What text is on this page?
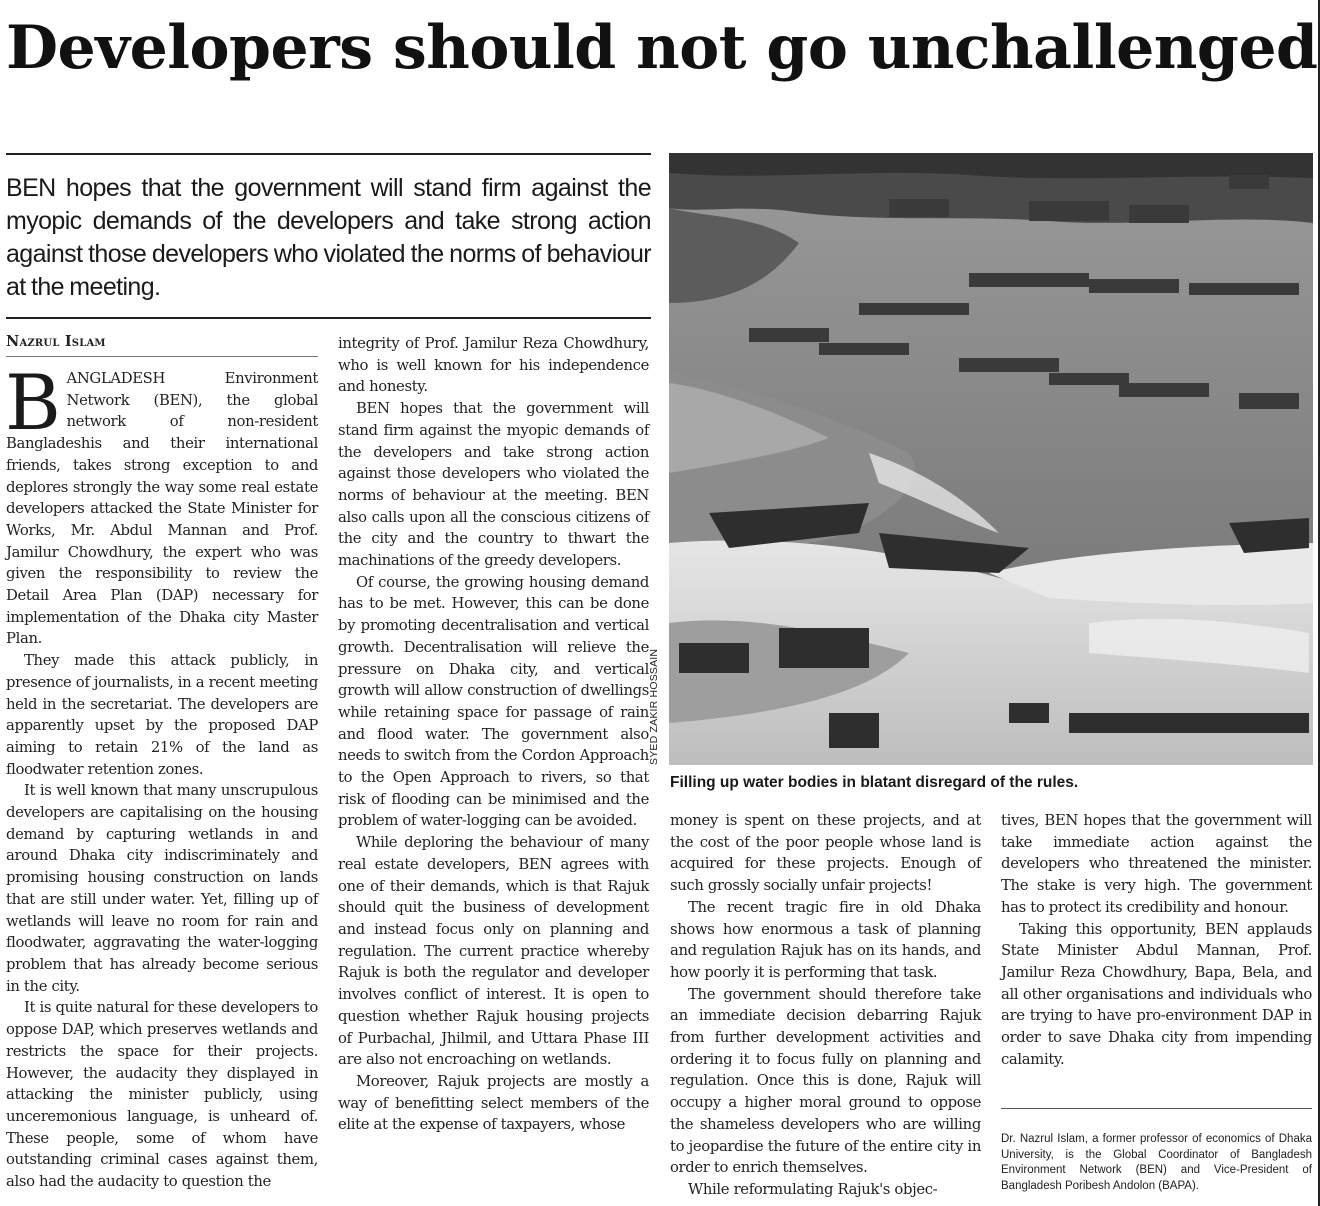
Developers should not go unchallenged

BEN hopes that the government will stand firm against the myopic demands of the developers and take strong action against those developers who violated the norms of behaviour at the meeting.

Nazrul Islam

BANGLADESH Environment Network (BEN), the global network of non-resident Bangladeshis and their international friends, takes strong exception to and deplores strongly the way some real estate developers attacked the State Minister for Works, Mr. Abdul Mannan and Prof. Jamilur Chowdhury, the expert who was given the responsibility to review the Detail Area Plan (DAP) necessary for implementation of the Dhaka city Master Plan.

They made this attack publicly, in presence of journalists, in a recent meeting held in the secretariat. The developers are apparently upset by the proposed DAP aiming to retain 21% of the land as floodwater retention zones.

It is well known that many unscrupulous developers are capitalising on the housing demand by capturing wetlands in and around Dhaka city indiscriminately and promising housing construction on lands that are still under water. Yet, filling up of wetlands will leave no room for rain and floodwater, aggravating the water-logging problem that has already become serious in the city.

It is quite natural for these developers to oppose DAP, which preserves wetlands and restricts the space for their projects. However, the audacity they displayed in attacking the minister publicly, using unceremonious language, is unheard of. These people, some of whom have outstanding criminal cases against them, also had the audacity to question the

integrity of Prof. Jamilur Reza Chowdhury, who is well known for his independence and honesty.

BEN hopes that the government will stand firm against the myopic demands of the developers and take strong action against those developers who violated the norms of behaviour at the meeting. BEN also calls upon all the conscious citizens of the city and the country to thwart the machinations of the greedy developers.

Of course, the growing housing demand has to be met. However, this can be done by promoting decentralisation and vertical growth. Decentralisation will relieve the pressure on Dhaka city, and vertical growth will allow construction of dwellings while retaining space for passage of rain and flood water. The government also needs to switch from the Cordon Approach to the Open Approach to rivers, so that risk of flooding can be minimised and the problem of water-logging can be avoided.

While deploring the behaviour of many real estate developers, BEN agrees with one of their demands, which is that Rajuk should quit the business of development and instead focus only on planning and regulation. The current practice whereby Rajuk is both the regulator and developer involves conflict of interest. It is open to question whether Rajuk housing projects of Purbachal, Jhilmil, and Uttara Phase III are also not encroaching on wetlands.

Moreover, Rajuk projects are mostly a way of benefitting select members of the elite at the expense of taxpayers, whose

SYED ZAKIR HOSSAIN

Filling up water bodies in blatant disregard of the rules.

money is spent on these projects, and at the cost of the poor people whose land is acquired for these projects. Enough of such grossly socially unfair projects!

The recent tragic fire in old Dhaka shows how enormous a task of planning and regulation Rajuk has on its hands, and how poorly it is performing that task.

The government should therefore take an immediate decision debarring Rajuk from further development activities and ordering it to focus fully on planning and regulation. Once this is done, Rajuk will occupy a higher moral ground to oppose the shameless developers who are willing to jeopardise the future of the entire city in order to enrich themselves.

While reformulating Rajuk's objec-

tives, BEN hopes that the government will take immediate action against the developers who threatened the minister. The stake is very high. The government has to protect its credibility and honour.

Taking this opportunity, BEN applauds State Minister Abdul Mannan, Prof. Jamilur Reza Chowdhury, Bapa, Bela, and all other organisations and individuals who are trying to have pro-environment DAP in order to save Dhaka city from impending calamity.

Dr. Nazrul Islam, a former professor of economics of Dhaka University, is the Global Coordinator of Bangladesh Environment Network (BEN) and Vice-President of Bangladesh Poribesh Andolon (BAPA).
